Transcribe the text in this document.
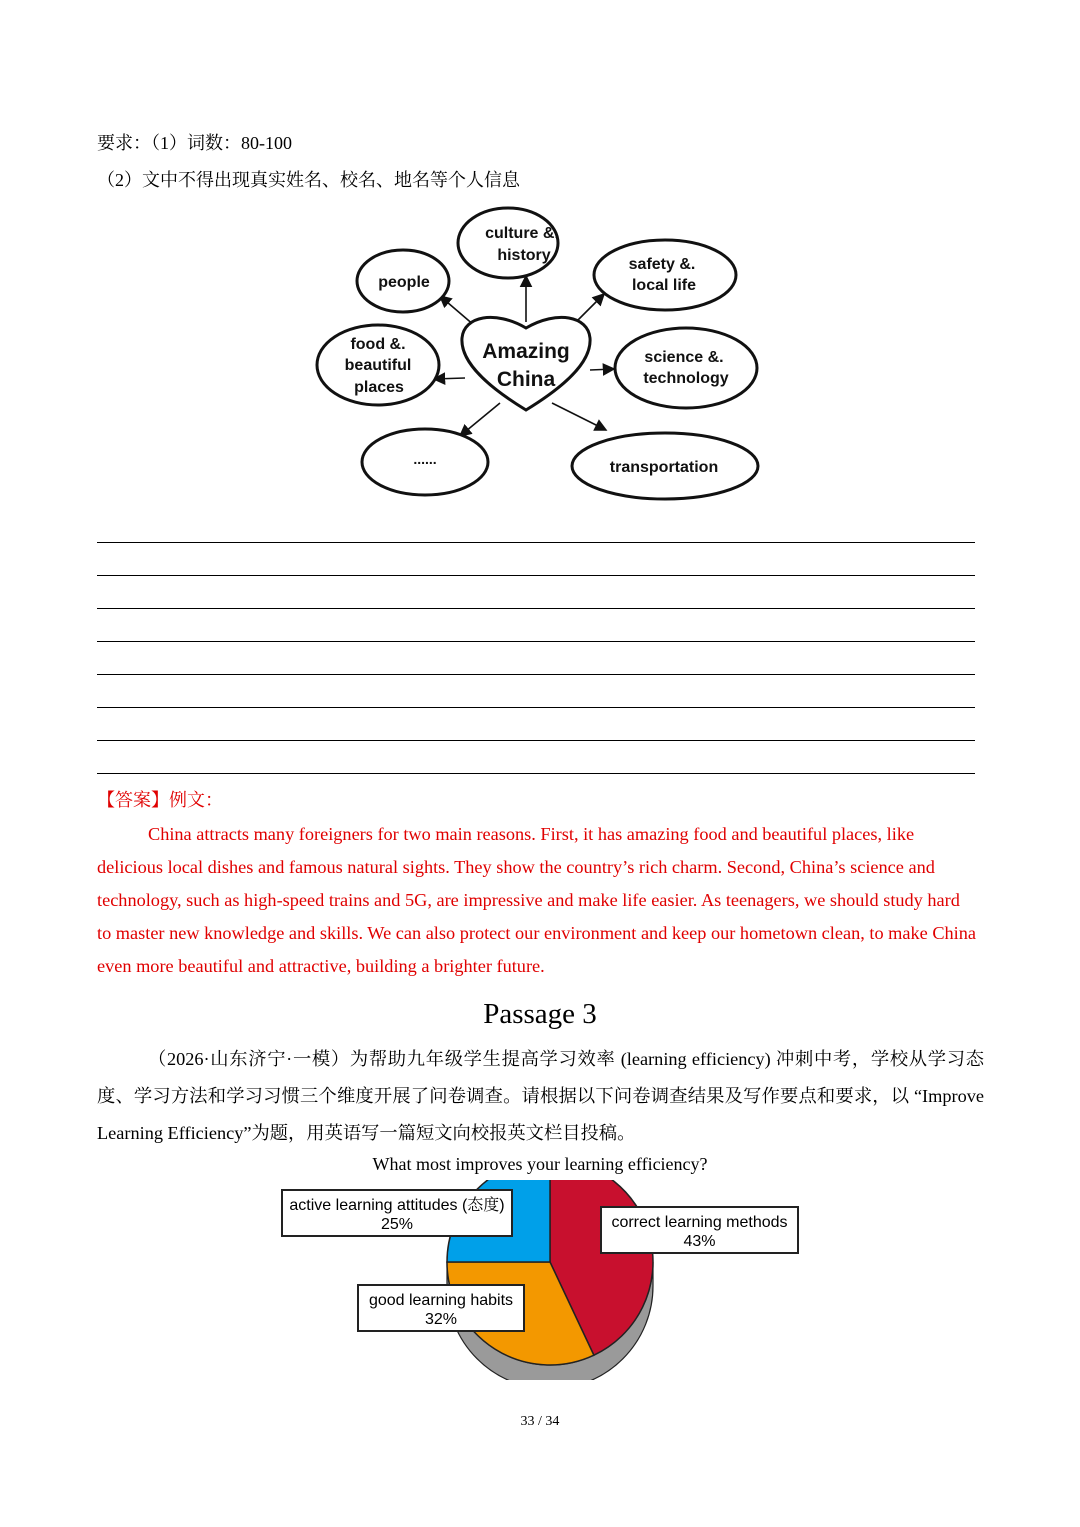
要求：（1）词数：80-100
（2）文中不得出现真实姓名、校名、地名等个人信息
Amazing
China
culture &.
history
people
safety &.
local life
food &.
beautiful
places
science &.
technology
......	transportation
【答案】例文：
China attracts many foreigners for two main reasons. First, it has amazing food and beautiful places, like delicious local dishes and famous natural sights. They show the country’s rich charm. Second, China’s science and technology, such as high-speed trains and 5G, are impressive and make life easier. As teenagers, we should study hard to master new knowledge and skills. We can also protect our environment and keep our hometown clean, to make China even more beautiful and attractive, building a brighter future.
Passage 3
（2026·山东济宁·一模）为帮助九年级学生提高学习效率 (learning efficiency) 冲刺中考，学校从学习态度、学习方法和学习习惯三个维度开展了问卷调查。请根据以下问卷调查结果及写作要点和要求，以 “Improve Learning Efficiency”为题，用英语写一篇短文向校报英文栏目投稿。
What most improves your learning efficiency?
active learning attitudes (态度)
25%	correct learning methods
43%
good learning habits
32%
33 / 34
